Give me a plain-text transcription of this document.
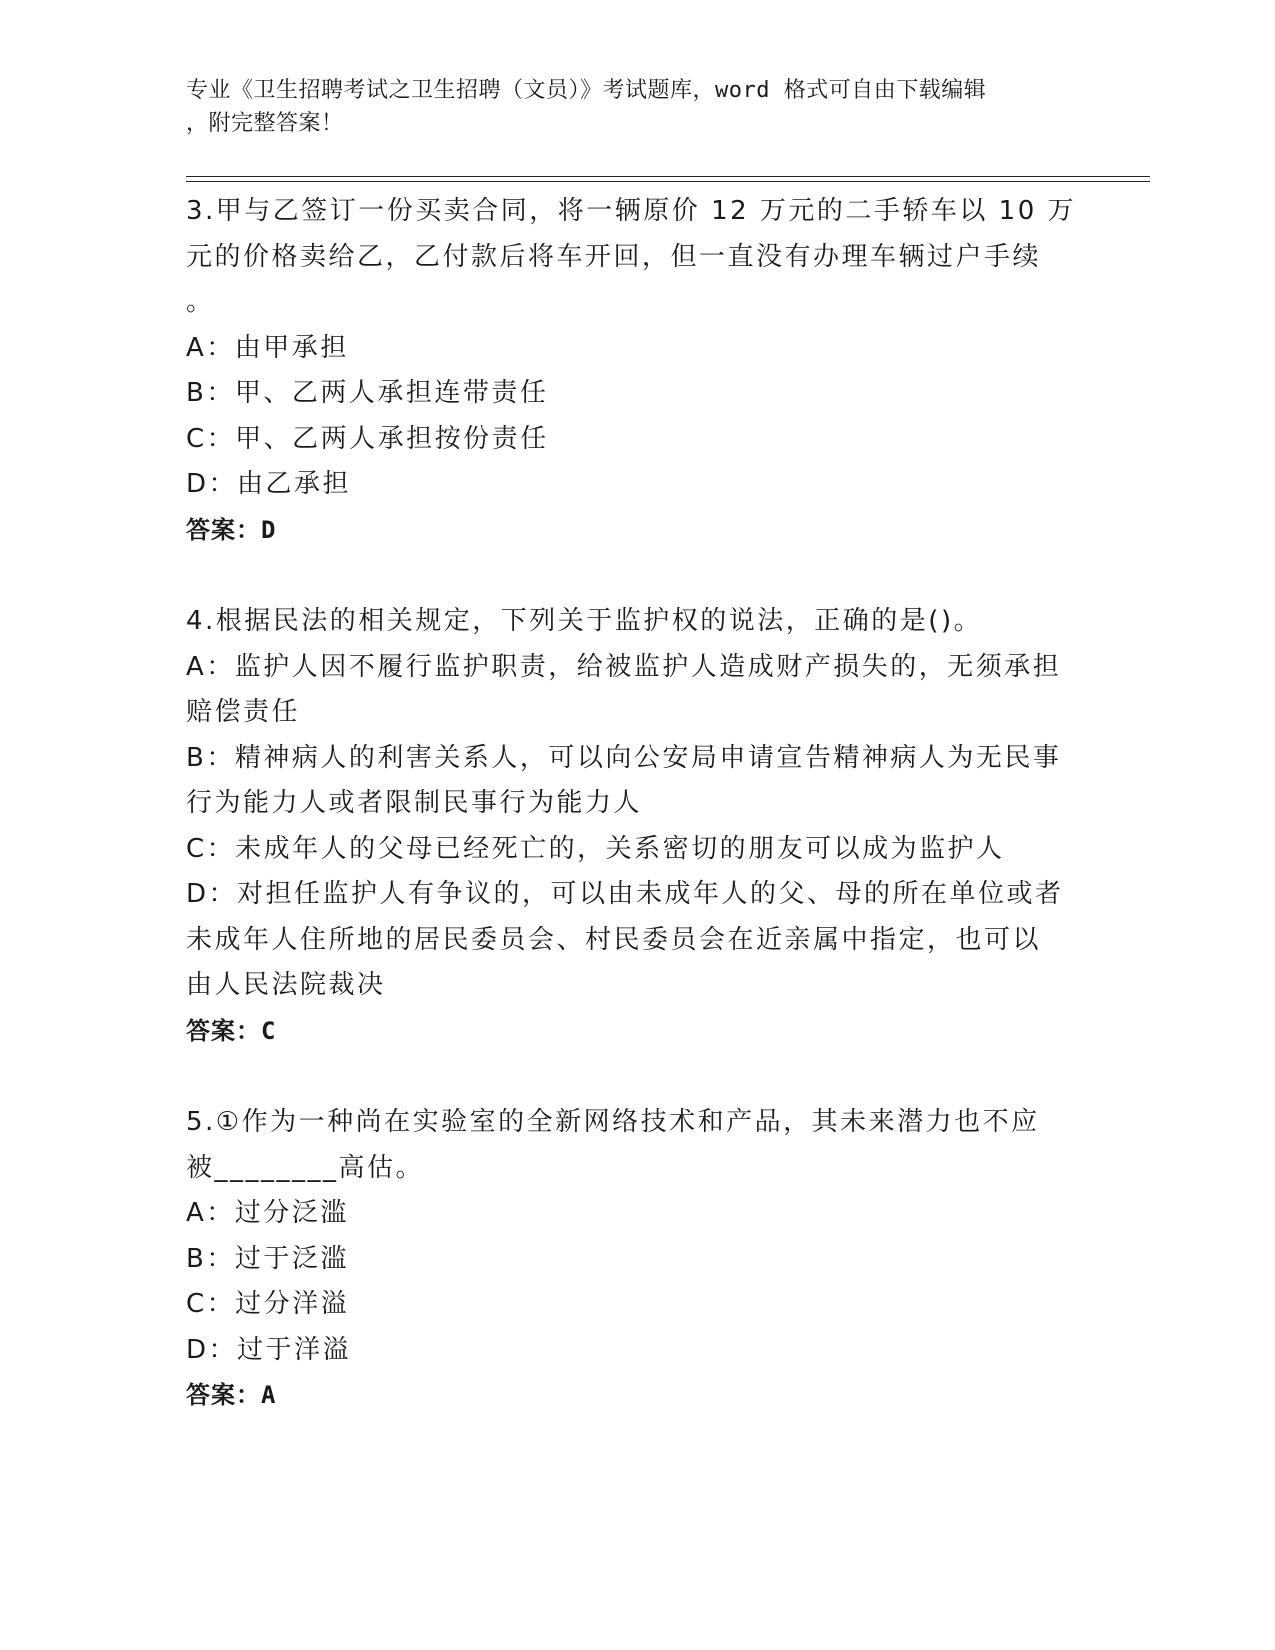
专业《卫生招聘考试之卫生招聘（文员）》考试题库，word 格式可自由下载编辑
，附完整答案！
3.甲与乙签订一份买卖合同，将一辆原价 12 万元的二手轿车以 10 万
元的价格卖给乙，乙付款后将车开回，但一直没有办理车辆过户手续
。
A：由甲承担
B：甲、乙两人承担连带责任
C：甲、乙两人承担按份责任
D：由乙承担
答案：D
4.根据民法的相关规定，下列关于监护权的说法，正确的是()。
A：监护人因不履行监护职责，给被监护人造成财产损失的，无须承担
赔偿责任
B：精神病人的利害关系人，可以向公安局申请宣告精神病人为无民事
行为能力人或者限制民事行为能力人
C：未成年人的父母已经死亡的，关系密切的朋友可以成为监护人
D：对担任监护人有争议的，可以由未成年人的父、母的所在单位或者
未成年人住所地的居民委员会、村民委员会在近亲属中指定，也可以
由人民法院裁决
答案：C
5.①作为一种尚在实验室的全新网络技术和产品，其未来潜力也不应
被________高估。
A：过分泛滥
B：过于泛滥
C：过分洋溢
D：过于洋溢
答案：A
